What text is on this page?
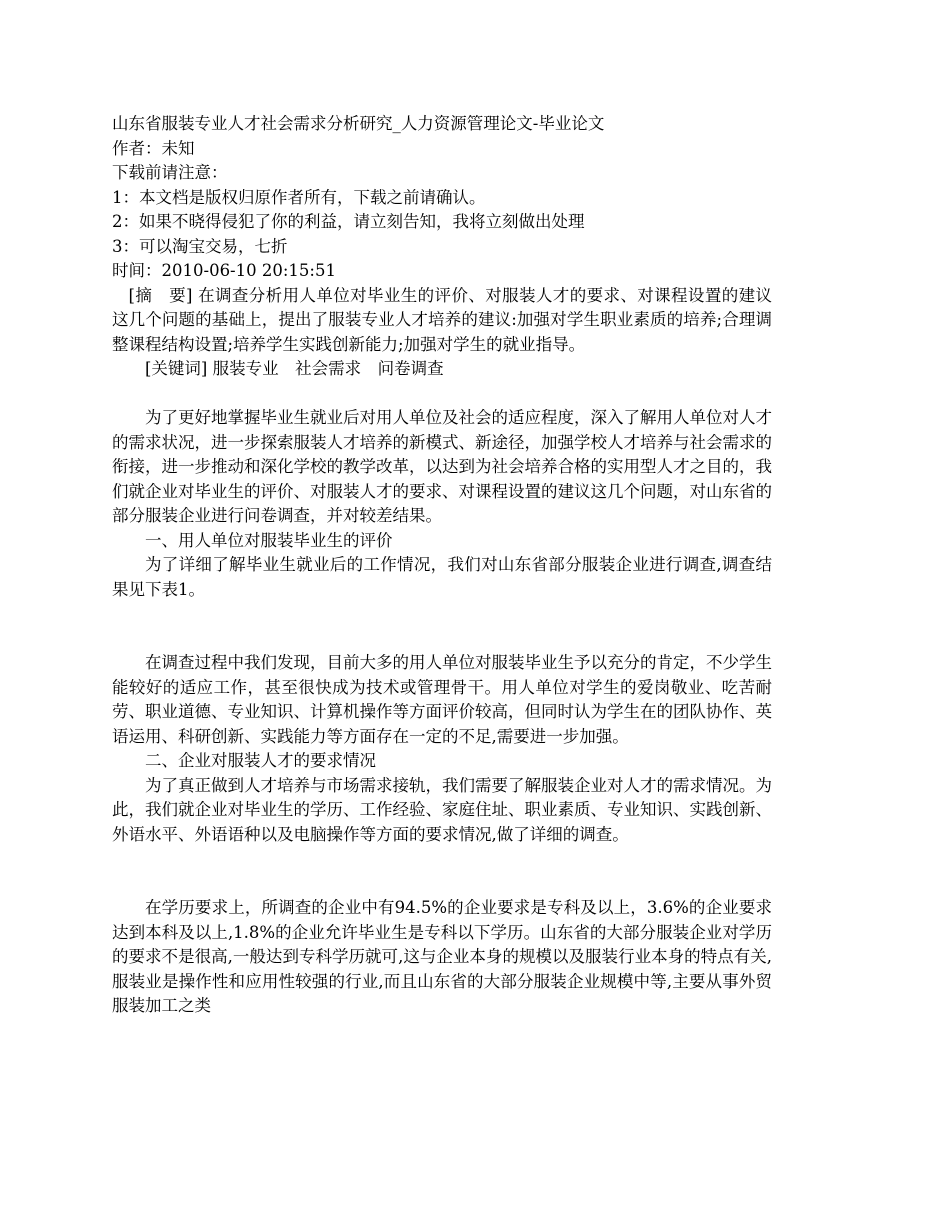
山东省服装专业人才社会需求分析研究_人力资源管理论文-毕业论文
作者：未知
下载前请注意：
1：本文档是版权归原作者所有，下载之前请确认。
2：如果不晓得侵犯了你的利益，请立刻告知，我将立刻做出处理
3：可以淘宝交易，七折
时间：2010-06-10 20:15:51

[摘　要] 在调查分析用人单位对毕业生的评价、对服装人才的要求、对课程设置的建议这几个问题的基础上，提出了服装专业人才培养的建议:加强对学生职业素质的培养;合理调整课程结构设置;培养学生实践创新能力;加强对学生的就业指导。

[关键词] 服装专业　社会需求　问卷调查

为了更好地掌握毕业生就业后对用人单位及社会的适应程度，深入了解用人单位对人才的需求状况，进一步探索服装人才培养的新模式、新途径，加强学校人才培养与社会需求的衔接，进一步推动和深化学校的教学改革，以达到为社会培养合格的实用型人才之目的，我们就企业对毕业生的评价、对服装人才的要求、对课程设置的建议这几个问题，对山东省的部分服装企业进行问卷调查，并对较差结果。

一、用人单位对服装毕业生的评价

为了详细了解毕业生就业后的工作情况，我们对山东省部分服装企业进行调查,调查结果见下表1。

在调查过程中我们发现，目前大多的用人单位对服装毕业生予以充分的肯定，不少学生能较好的适应工作，甚至很快成为技术或管理骨干。用人单位对学生的爱岗敬业、吃苦耐劳、职业道德、专业知识、计算机操作等方面评价较高，但同时认为学生在的团队协作、英语运用、科研创新、实践能力等方面存在一定的不足,需要进一步加强。

二、企业对服装人才的要求情况

为了真正做到人才培养与市场需求接轨，我们需要了解服装企业对人才的需求情况。为此，我们就企业对毕业生的学历、工作经验、家庭住址、职业素质、专业知识、实践创新、外语水平、外语语种以及电脑操作等方面的要求情况,做了详细的调查。

在学历要求上，所调查的企业中有94.5%的企业要求是专科及以上，3.6%的企业要求达到本科及以上,1.8%的企业允许毕业生是专科以下学历。山东省的大部分服装企业对学历的要求不是很高,一般达到专科学历就可,这与企业本身的规模以及服装行业本身的特点有关,服装业是操作性和应用性较强的行业,而且山东省的大部分服装企业规模中等,主要从事外贸服装加工之类
